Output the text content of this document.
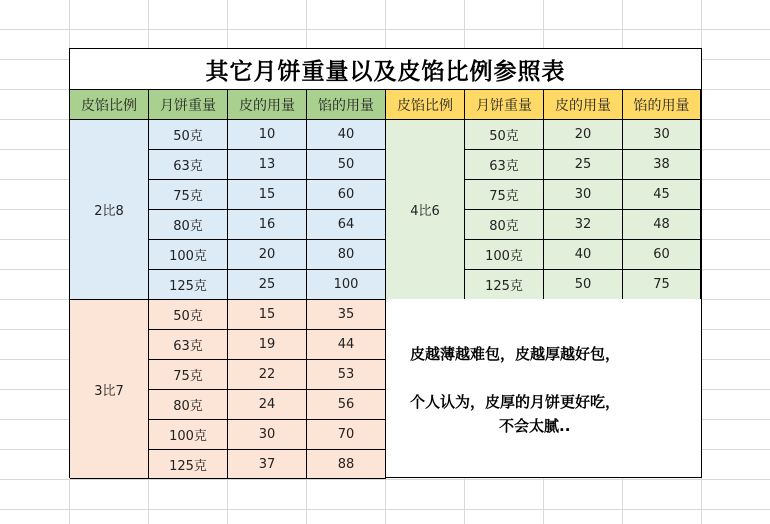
其它月饼重量以及皮馅比例参照表
皮馅比例	月饼重量	皮的用量	馅的用量	皮馅比例	月饼重量	皮的用量	馅的用量
2比8
50克	10	40
63克	13	50
75克	15	60
80克	16	64
100克	20	80
125克	25	100
4比6
50克	20	30
63克	25	38
75克	30	45
80克	32	48
100克	40	60
125克	50	75
3比7
50克	15	35
63克	19	44
75克	22	53
80克	24	56
100克	30	70
125克	37	88
皮越薄越难包，皮越厚越好包，
个人认为，皮厚的月饼更好吃，
不会太腻..
